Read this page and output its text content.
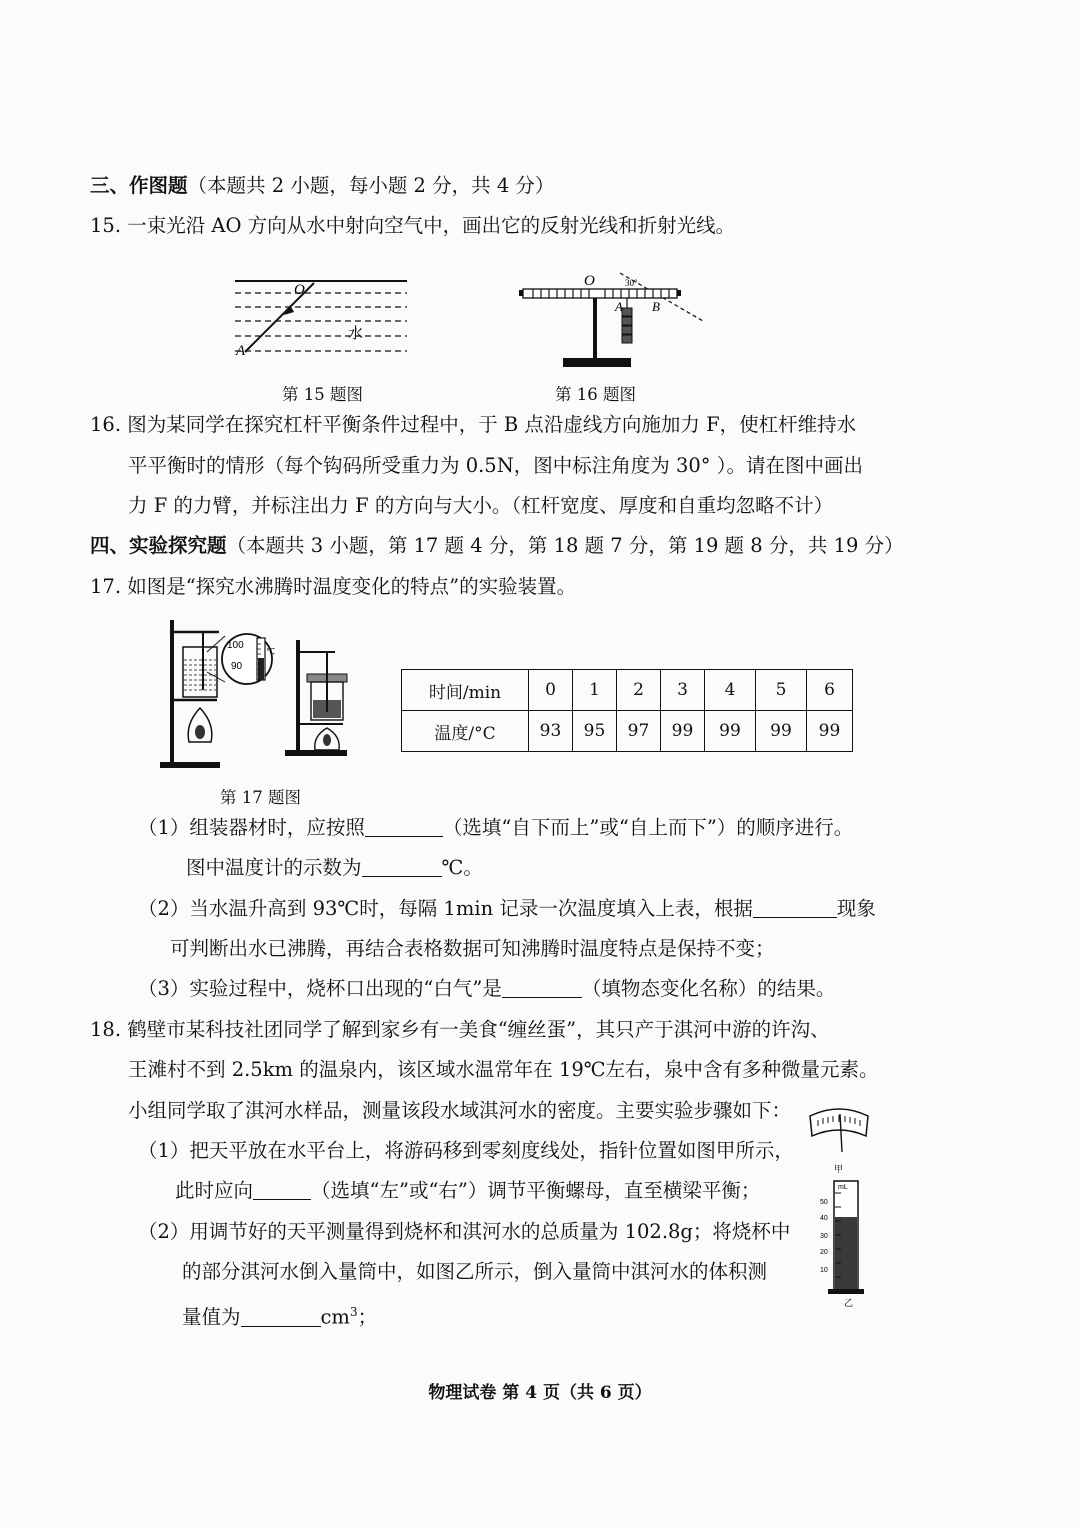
三、作图题（本题共 2 小题，每小题 2 分，共 4 分）
15. 一束光沿 AO 方向从水中射向空气中，画出它的反射光线和折射光线。
O
A
水
第 15 题图
O	30°
A B
第 16 题图
16. 图为某同学在探究杠杆平衡条件过程中，于 B 点沿虚线方向施加力 F，使杠杆维持水
平平衡时的情形（每个钩码所受重力为 0.5N，图中标注角度为 30° ）。请在图中画出
力 F 的力臂，并标注出力 F 的方向与大小。（杠杆宽度、厚度和自重均忽略不计）
四、实验探究题（本题共 3 小题，第 17 题 4 分，第 18 题 7 分，第 19 题 8 分，共 19 分）
17. 如图是“探究水沸腾时温度变化的特点”的实验装置。
100
90
℃
第 17 题图
时间/min	0	1	2	3	4	5	6
温度/°C	93	95	97	99	99	99	99
（1）组装器材时，应按照	（选填“自下而上”或“自上而下”）的顺序进行。
图中温度计的示数为	℃。
（2）当水温升高到 93℃时，每隔 1min 记录一次温度填入上表，根据	现象
可判断出水已沸腾，再结合表格数据可知沸腾时温度特点是保持不变；
（3）实验过程中，烧杯口出现的“白气”是	（填物态变化名称）的结果。
18. 鹤壁市某科技社团同学了解到家乡有一美食“缠丝蛋”，其只产于淇河中游的许沟、
王滩村不到 2.5km 的温泉内，该区域水温常年在 19℃左右，泉中含有多种微量元素。
小组同学取了淇河水样品，测量该段水域淇河水的密度。主要实验步骤如下：
（1）把天平放在水平台上，将游码移到零刻度线处，指针位置如图甲所示，
此时应向	（选填“左”或“右”）调节平衡螺母，直至横梁平衡；
（2）用调节好的天平测量得到烧杯和淇河水的总质量为 102.8g；将烧杯中
的部分淇河水倒入量筒中，如图乙所示，倒入量筒中淇河水的体积测
量值为	$cm^3$；
甲
mL
50
40
30
20
10
乙
物理试卷 第 4 页（共 6 页）
